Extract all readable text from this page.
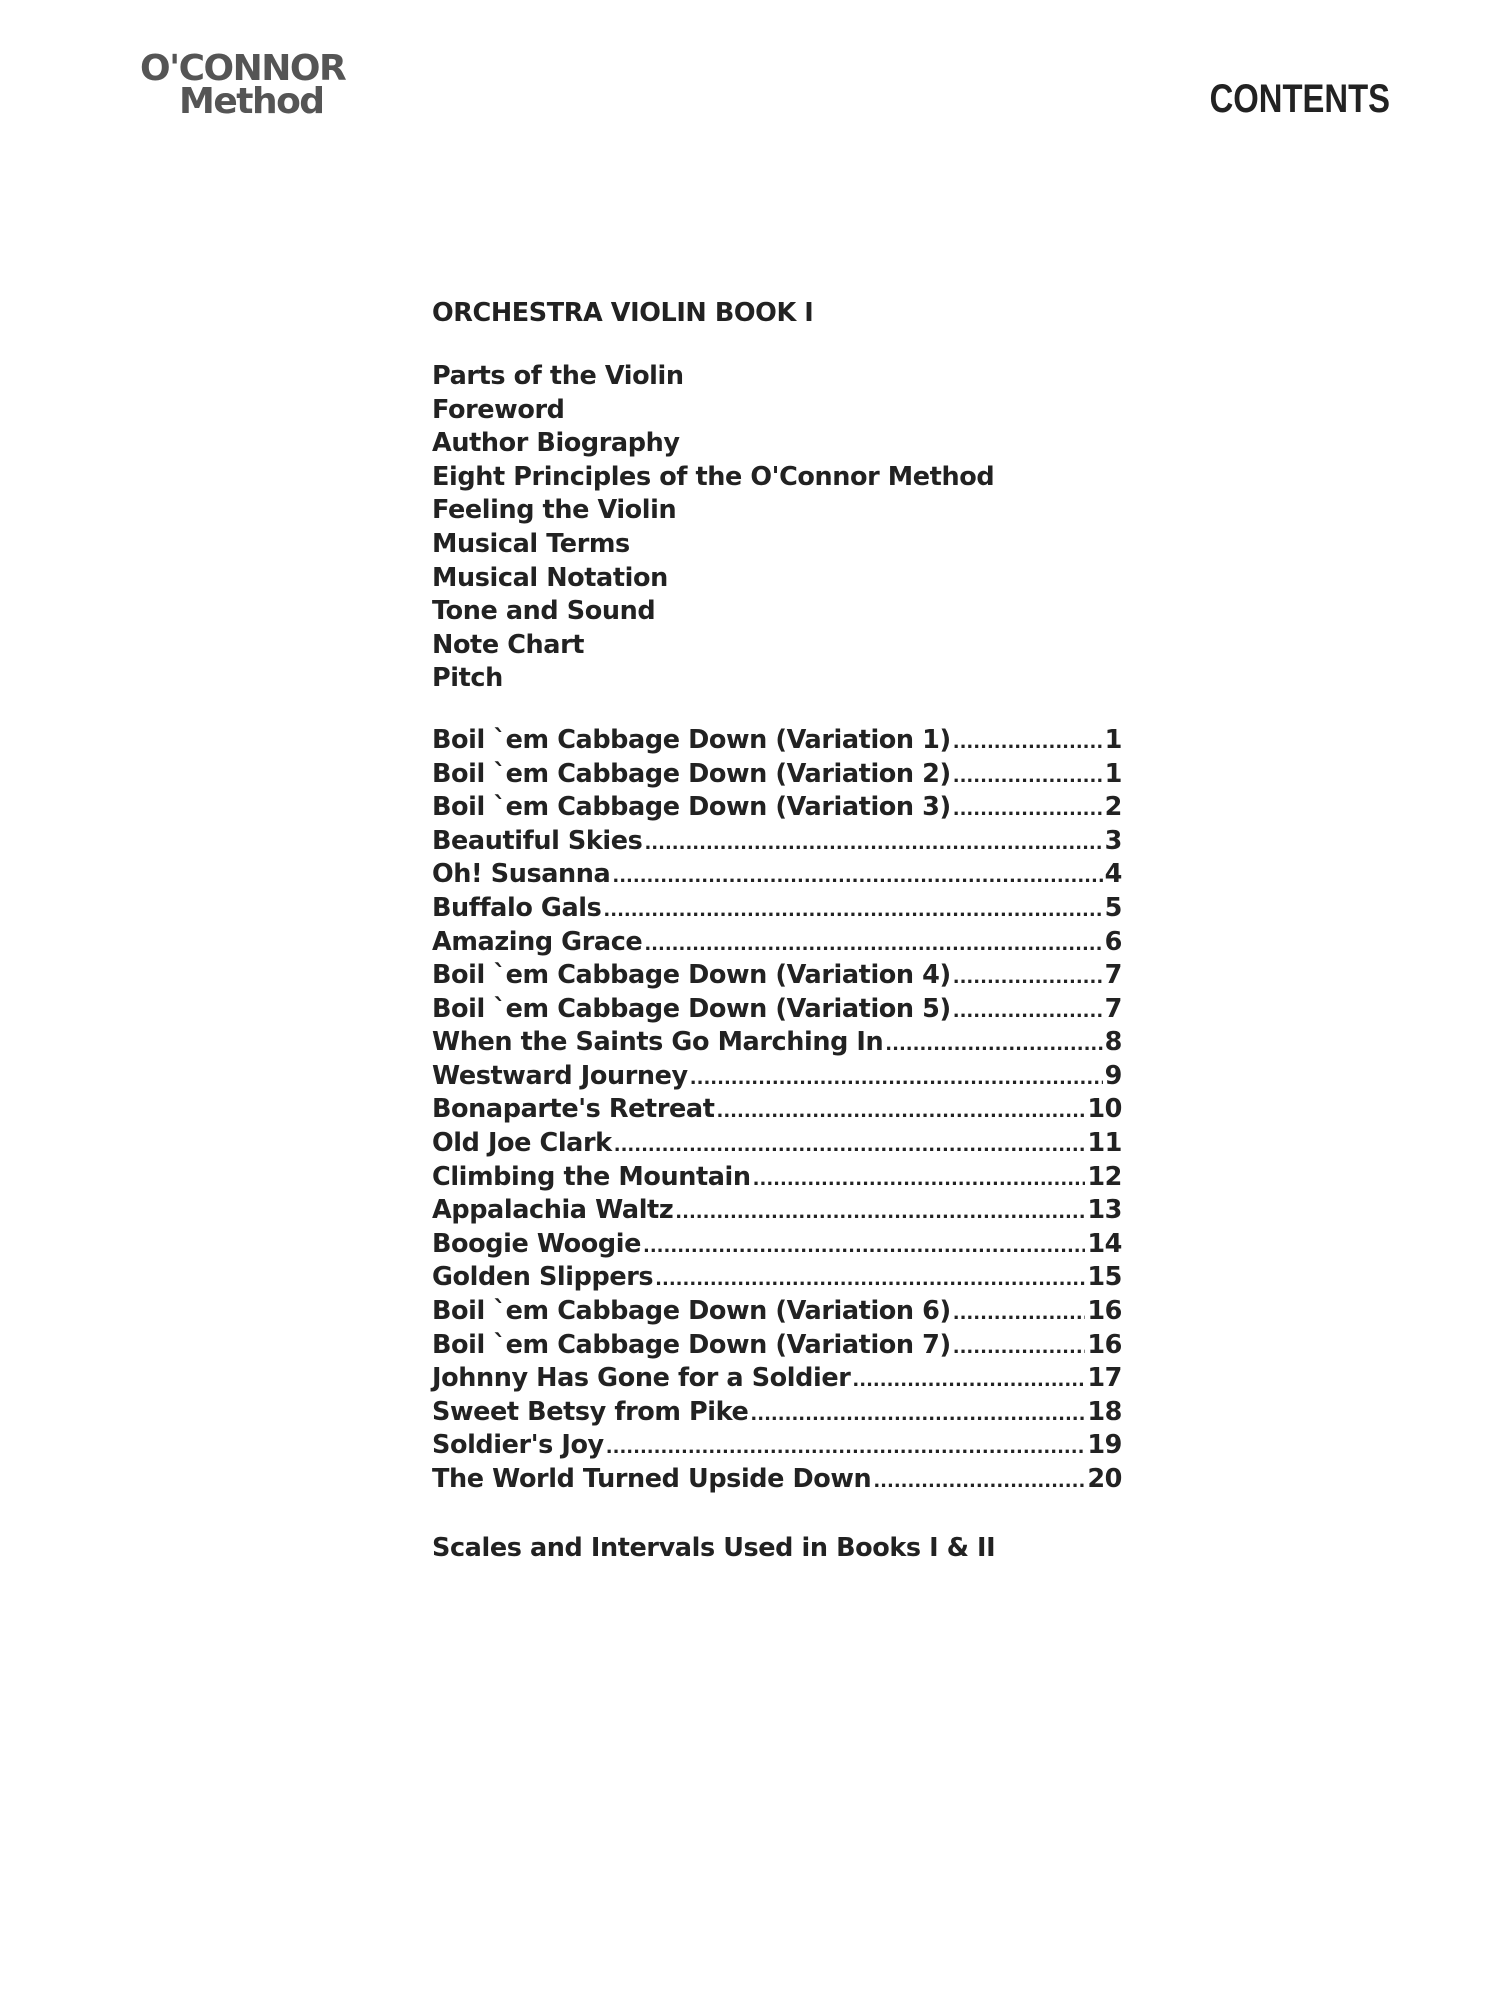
O'CONNOR
Method	CONTENTS
ORCHESTRA VIOLIN BOOK I
Parts of the Violin
Foreword
Author Biography
Eight Principles of the O'Connor Method
Feeling the Violin
Musical Terms
Musical Notation
Tone and Sound
Note Chart
Pitch
Boil `em Cabbage Down (Variation 1) .....	1
Boil `em Cabbage Down (Variation 2) .....	1
Boil `em Cabbage Down (Variation 3) .....	2
Beautiful Skies .....	3
Oh! Susanna .....	4
Buffalo Gals .....	5
Amazing Grace .....	6
Boil `em Cabbage Down (Variation 4) .....	7
Boil `em Cabbage Down (Variation 5) .....	7
When the Saints Go Marching In .....	8
Westward Journey .....	9
Bonaparte's Retreat .....	10
Old Joe Clark .....	11
Climbing the Mountain .....	12
Appalachia Waltz .....	13
Boogie Woogie .....	14
Golden Slippers .....	15
Boil `em Cabbage Down (Variation 6) .....	16
Boil `em Cabbage Down (Variation 7) .....	16
Johnny Has Gone for a Soldier .....	17
Sweet Betsy from Pike .....	18
Soldier's Joy .....	19
The World Turned Upside Down .....	20
Scales and Intervals Used in Books I & II
